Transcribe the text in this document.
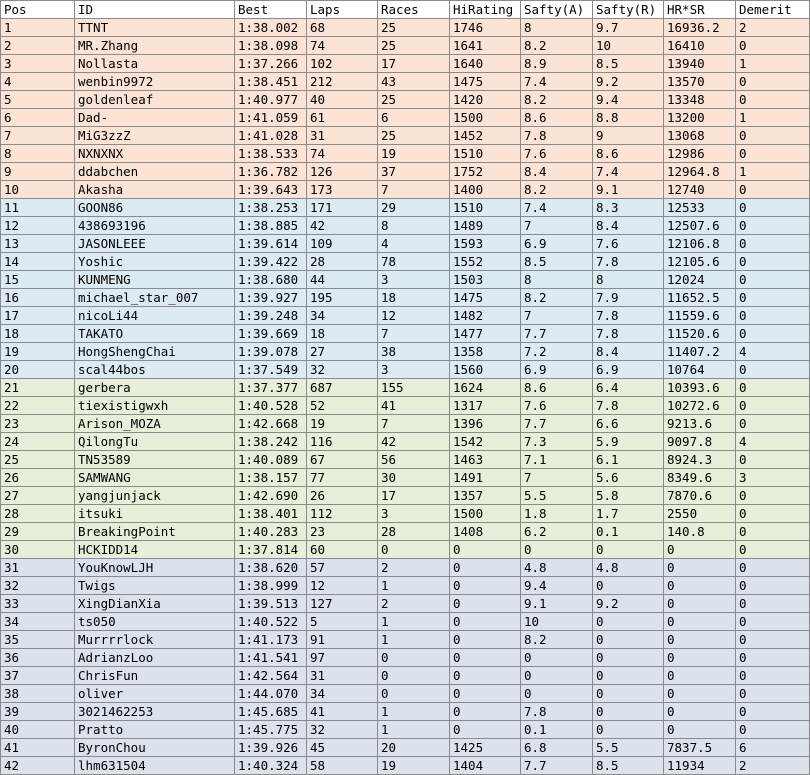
Pos	ID	Best	Laps	Races	HiRating	Safty(A)	Safty(R)	HR*SR	Demerit
1	TTNT	1:38.002	68	25	1746	8	9.7	16936.2	2
2	MR.Zhang	1:38.098	74	25	1641	8.2	10	16410	0
3	Nollasta	1:37.266	102	17	1640	8.9	8.5	13940	1
4	wenbin9972	1:38.451	212	43	1475	7.4	9.2	13570	0
5	goldenleaf	1:40.977	40	25	1420	8.2	9.4	13348	0
6	Dad-	1:41.059	61	6	1500	8.6	8.8	13200	1
7	MiG3zzZ	1:41.028	31	25	1452	7.8	9	13068	0
8	NXNXNX	1:38.533	74	19	1510	7.6	8.6	12986	0
9	ddabchen	1:36.782	126	37	1752	8.4	7.4	12964.8	1
10	Akasha	1:39.643	173	7	1400	8.2	9.1	12740	0
11	GOON86	1:38.253	171	29	1510	7.4	8.3	12533	0
12	438693196	1:38.885	42	8	1489	7	8.4	12507.6	0
13	JASONLEEE	1:39.614	109	4	1593	6.9	7.6	12106.8	0
14	Yoshic	1:39.422	28	78	1552	8.5	7.8	12105.6	0
15	KUNMENG	1:38.680	44	3	1503	8	8	12024	0
16	michael_star_007	1:39.927	195	18	1475	8.2	7.9	11652.5	0
17	nicoLi44	1:39.248	34	12	1482	7	7.8	11559.6	0
18	TAKATO	1:39.669	18	7	1477	7.7	7.8	11520.6	0
19	HongShengChai	1:39.078	27	38	1358	7.2	8.4	11407.2	4
20	scal44bos	1:37.549	32	3	1560	6.9	6.9	10764	0
21	gerbera	1:37.377	687	155	1624	8.6	6.4	10393.6	0
22	tiexistigwxh	1:40.528	52	41	1317	7.6	7.8	10272.6	0
23	Arison_MOZA	1:42.668	19	7	1396	7.7	6.6	9213.6	0
24	QilongTu	1:38.242	116	42	1542	7.3	5.9	9097.8	4
25	TN53589	1:40.089	67	56	1463	7.1	6.1	8924.3	0
26	SAMWANG	1:38.157	77	30	1491	7	5.6	8349.6	3
27	yangjunjack	1:42.690	26	17	1357	5.5	5.8	7870.6	0
28	itsuki	1:38.401	112	3	1500	1.8	1.7	2550	0
29	BreakingPoint	1:40.283	23	28	1408	6.2	0.1	140.8	0
30	HCKIDD14	1:37.814	60	0	0	0	0	0	0
31	YouKnowLJH	1:38.620	57	2	0	4.8	4.8	0	0
32	Twigs	1:38.999	12	1	0	9.4	0	0	0
33	XingDianXia	1:39.513	127	2	0	9.1	9.2	0	0
34	ts050	1:40.522	5	1	0	10	0	0	0
35	Murrrrlock	1:41.173	91	1	0	8.2	0	0	0
36	AdrianzLoo	1:41.541	97	0	0	0	0	0	0
37	ChrisFun	1:42.564	31	0	0	0	0	0	0
38	oliver	1:44.070	34	0	0	0	0	0	0
39	3021462253	1:45.685	41	1	0	7.8	0	0	0
40	Pratto	1:45.775	32	1	0	0.1	0	0	0
41	ByronChou	1:39.926	45	20	1425	6.8	5.5	7837.5	6
42	lhm631504	1:40.324	58	19	1404	7.7	8.5	11934	2
